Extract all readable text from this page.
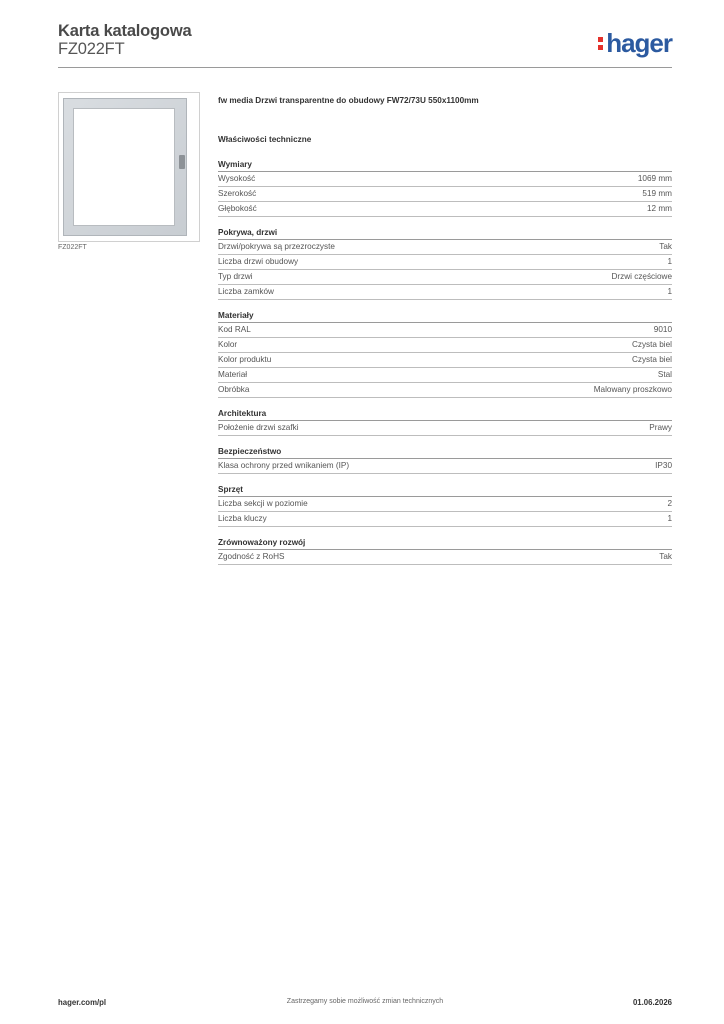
Karta katalogowa
FZ022FT	hager
FZ022FT
fw media Drzwi transparentne do obudowy FW72/73U 550x1100mm
Właściwości techniczne
Wymiary
Wysokość	1069 mm
Szerokość	519 mm
Głębokość	12 mm
Pokrywa, drzwi
Drzwi/pokrywa są przezroczyste	Tak
Liczba drzwi obudowy	1
Typ drzwi	Drzwi częściowe
Liczba zamków	1
Materiały
Kod RAL	9010
Kolor	Czysta biel
Kolor produktu	Czysta biel
Materiał	Stal
Obróbka	Malowany proszkowo
Architektura
Położenie drzwi szafki	Prawy
Bezpieczeństwo
Klasa ochrony przed wnikaniem (IP)	IP30
Sprzęt
Liczba sekcji w poziomie	2
Liczba kluczy	1
Zrównoważony rozwój
Zgodność z RoHS	Tak
hager.com/pl	Zastrzegamy sobie możliwość zmian technicznych	01.06.2026
